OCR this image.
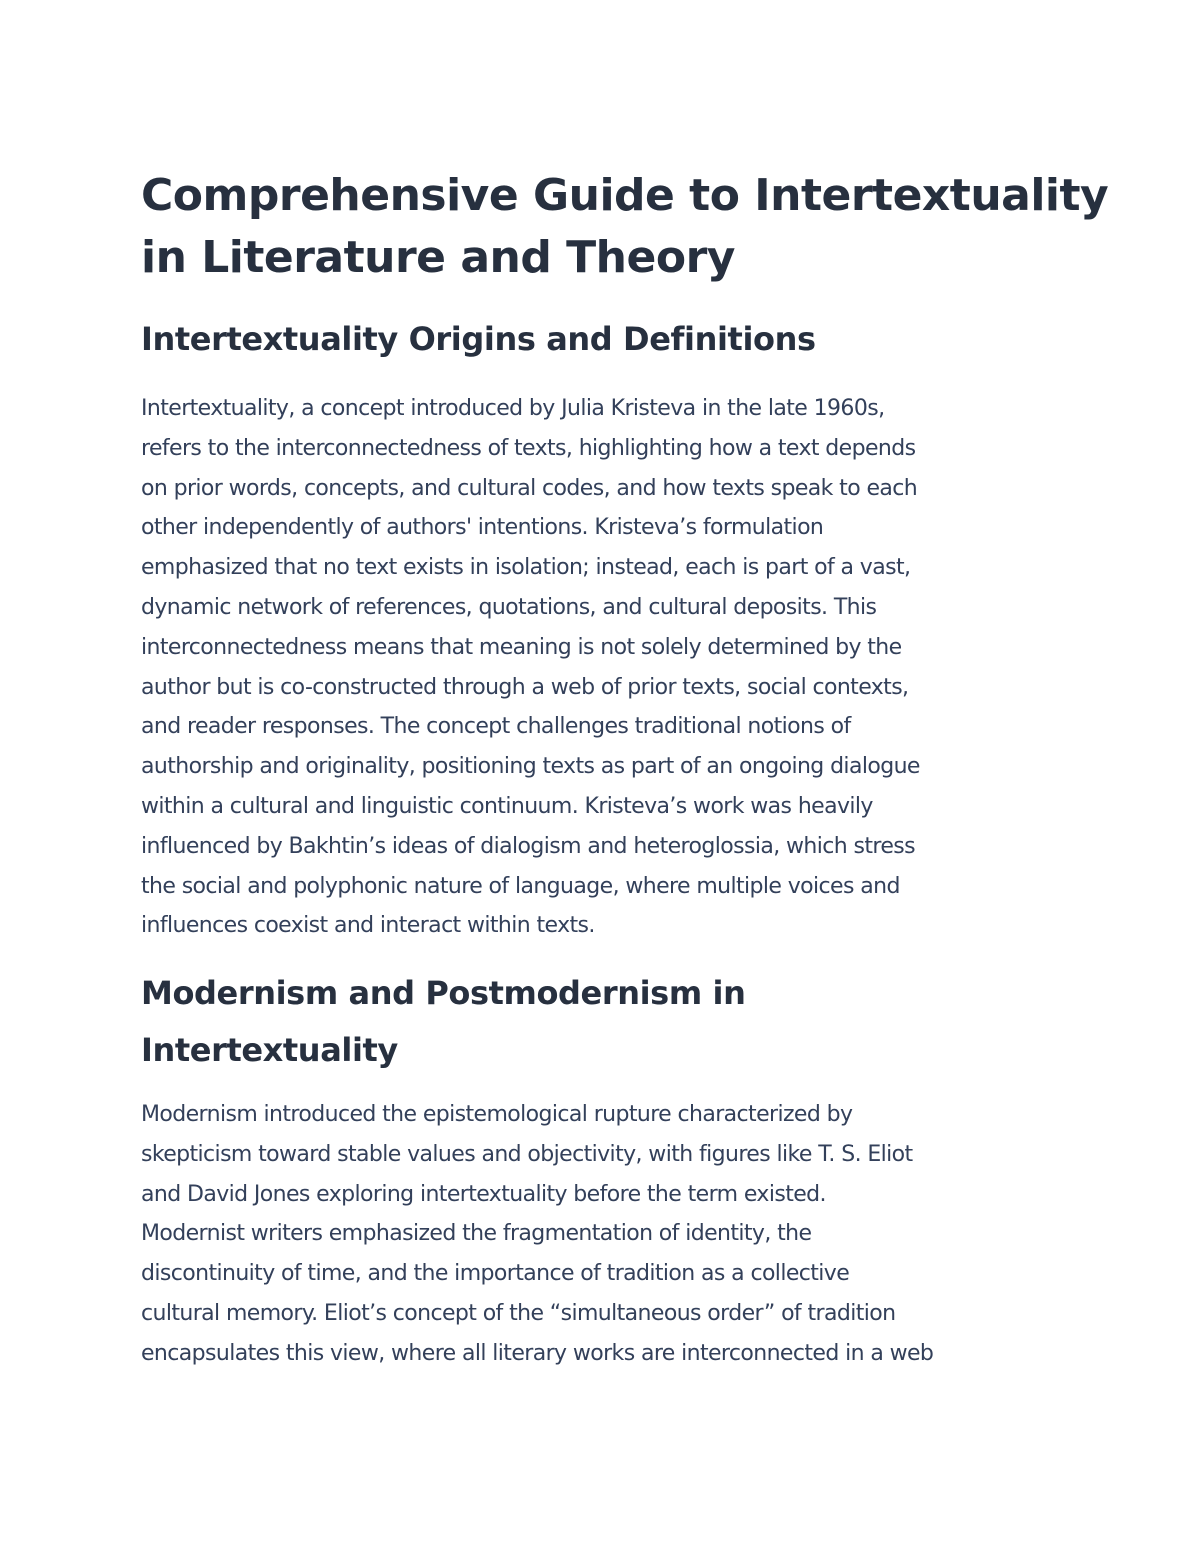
Comprehensive Guide to Intertextuality
in Literature and Theory
Intertextuality Origins and Definitions

Intertextuality, a concept introduced by Julia Kristeva in the late 1960s,
refers to the interconnectedness of texts, highlighting how a text depends
on prior words, concepts, and cultural codes, and how texts speak to each
other independently of authors' intentions. Kristeva’s formulation
emphasized that no text exists in isolation; instead, each is part of a vast,
dynamic network of references, quotations, and cultural deposits. This
interconnectedness means that meaning is not solely determined by the
author but is co-constructed through a web of prior texts, social contexts,
and reader responses. The concept challenges traditional notions of
authorship and originality, positioning texts as part of an ongoing dialogue
within a cultural and linguistic continuum. Kristeva’s work was heavily
influenced by Bakhtin’s ideas of dialogism and heteroglossia, which stress
the social and polyphonic nature of language, where multiple voices and
influences coexist and interact within texts.

Modernism and Postmodernism in
Intertextuality

Modernism introduced the epistemological rupture characterized by
skepticism toward stable values and objectivity, with figures like T. S. Eliot
and David Jones exploring intertextuality before the term existed.
Modernist writers emphasized the fragmentation of identity, the
discontinuity of time, and the importance of tradition as a collective
cultural memory. Eliot’s concept of the “simultaneous order” of tradition
encapsulates this view, where all literary works are interconnected in a web
